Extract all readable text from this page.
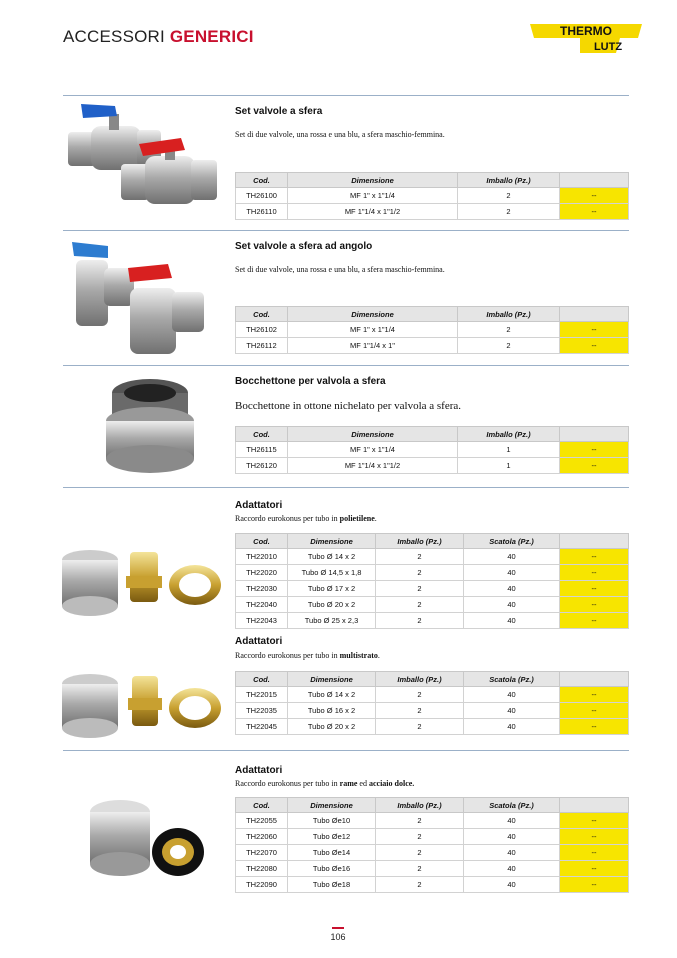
ACCESSORI GENERICI	THERMO
LUTZ
Set valvole a sfera
Set di due valvole, una rossa e una blu, a sfera maschio-femmina.
Cod.	Dimensione	Imballo (Pz.)	
TH26100	MF 1" x 1"1/4	2	--
TH26110	MF 1"1/4 x 1"1/2	2	--
Set valvole a sfera ad angolo
Set di due valvole, una rossa e una blu, a sfera maschio-femmina.
Cod.	Dimensione	Imballo (Pz.)	
TH26102	MF 1" x 1"1/4	2	--
TH26112	MF 1"1/4 x 1"	2	--
Bocchettone per valvola a sfera
Bocchettone in ottone nichelato per valvola a sfera.
Cod.	Dimensione	Imballo (Pz.)	
TH26115	MF 1" x 1"1/4	1	--
TH26120	MF 1"1/4 x 1"1/2	1	--
Adattatori
Raccordo eurokonus per tubo in polietilene.
Cod.	Dimensione	Imballo (Pz.)	Scatola (Pz.)	
TH22010	Tubo Ø 14 x 2	2	40	--
TH22020	Tubo Ø 14,5 x 1,8	2	40	--
TH22030	Tubo Ø 17 x 2	2	40	--
TH22040	Tubo Ø 20 x 2	2	40	--
TH22043	Tubo Ø 25 x 2,3	2	40	--
Adattatori
Raccordo eurokonus per tubo in multistrato.
Cod.	Dimensione	Imballo (Pz.)	Scatola (Pz.)	
TH22015	Tubo Ø 14 x 2	2	40	--
TH22035	Tubo Ø 16 x 2	2	40	--
TH22045	Tubo Ø 20 x 2	2	40	--
Adattatori
Raccordo eurokonus per tubo in rame ed acciaio dolce.
Cod.	Dimensione	Imballo (Pz.)	Scatola (Pz.)	
TH22055	Tubo Øe10	2	40	--
TH22060	Tubo Øe12	2	40	--
TH22070	Tubo Øe14	2	40	--
TH22080	Tubo Øe16	2	40	--
TH22090	Tubo Øe18	2	40	--
106
